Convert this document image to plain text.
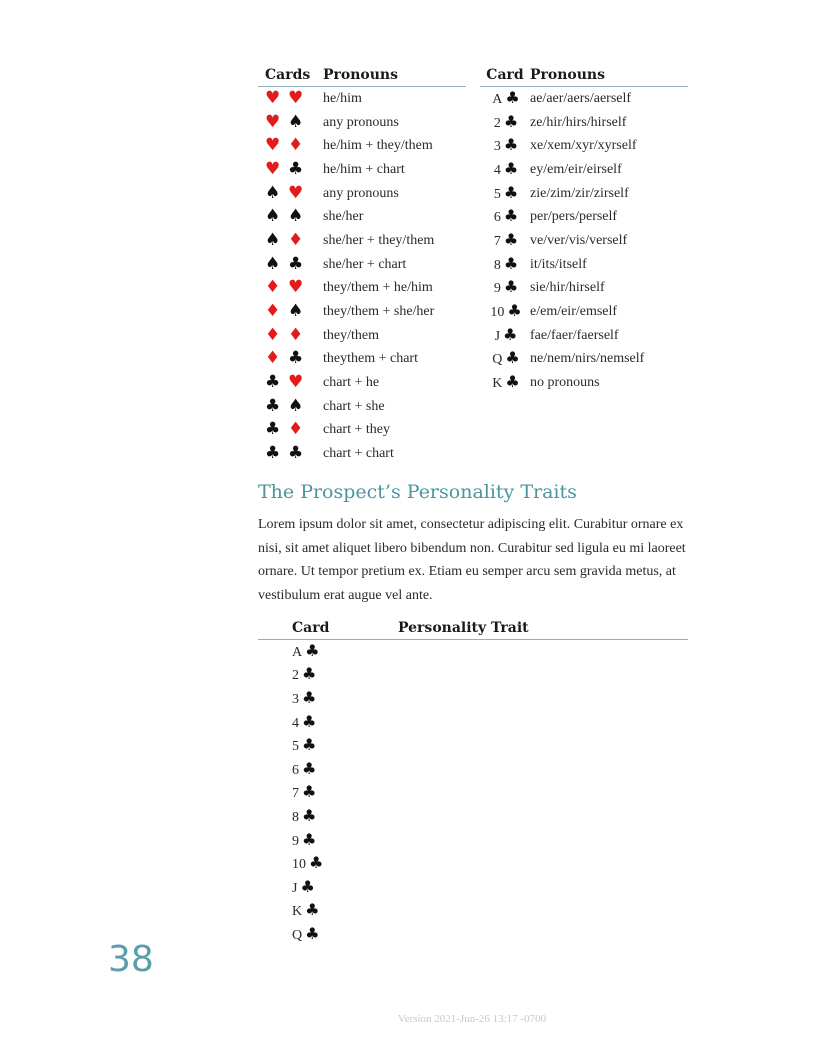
Cards	Pronouns
♥ ♥	he/him
♥ ♠	any pronouns
♥ ♦	he/him + they/them
♥ ♣	he/him + chart
♠ ♥	any pronouns
♠ ♠	she/her
♠ ♦	she/her + they/them
♠ ♣	she/her + chart
♦ ♥	they/them + he/him
♦ ♠	they/them + she/her
♦ ♦	they/them
♦ ♣	theythem + chart
♣ ♥	chart + he
♣ ♠	chart + she
♣ ♦	chart + they
♣ ♣	chart + chart
Card	Pronouns
A ♣	ae/aer/aers/aerself
2 ♣	ze/hir/hirs/hirself
3 ♣	xe/xem/xyr/xyrself
4 ♣	ey/em/eir/eirself
5 ♣	zie/zim/zir/zirself
6 ♣	per/pers/perself
7 ♣	ve/ver/vis/verself
8 ♣	it/its/itself
9 ♣	sie/hir/hirself
10 ♣	e/em/eir/emself
J ♣	fae/faer/faerself
Q ♣	ne/nem/nirs/nemself
K ♣	no pronouns
The Prospect’s Personality Traits

Lorem ipsum dolor sit amet, consectetur adipiscing elit. Curabitur ornare ex nisi, sit amet aliquet libero bibendum non. Curabitur sed ligula eu mi laoreet ornare. Ut tempor pretium ex. Etiam eu semper arcu sem gravida metus, at vestibulum erat augue vel ante.

Card	Personality Trait
A ♣	
2 ♣	
3 ♣	
4 ♣	
5 ♣	
6 ♣	
7 ♣	
8 ♣	
9 ♣	
10 ♣	
J ♣	
K ♣	
Q ♣	
38
Version 2021-Jun-26 13:17 -0700
